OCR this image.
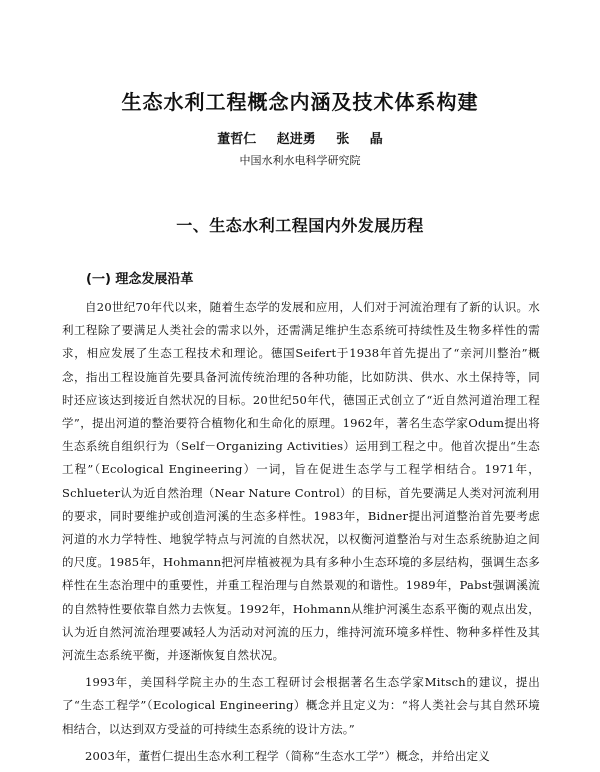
生态水利工程概念内涵及技术体系构建
董哲仁 赵进勇 张 晶
中国水利水电科学研究院
一、生态水利工程国内外发展历程
(一) 理念发展沿革

自20世纪70年代以来，随着生态学的发展和应用，人们对于河流治理有了新的认识。水利工程除了要满足人类社会的需求以外，还需满足维护生态系统可持续性及生物多样性的需求，相应发展了生态工程技术和理论。德国Seifert于1938年首先提出了“亲河川整治”概念，指出工程设施首先要具备河流传统治理的各种功能，比如防洪、供水、水土保持等，同时还应该达到接近自然状况的目标。20世纪50年代，德国正式创立了“近自然河道治理工程学”，提出河道的整治要符合植物化和生命化的原理。1962年，著名生态学家Odum提出将生态系统自组织行为（Self－Organizing Activities）运用到工程之中。他首次提出“生态工程”（Ecological Engineering）一词，旨在促进生态学与工程学相结合。1971年，Schlueter认为近自然治理（Near Nature Control）的目标，首先要满足人类对河流利用的要求，同时要维护或创造河溪的生态多样性。1983年，Bidner提出河道整治首先要考虑河道的水力学特性、地貌学特点与河流的自然状况，以权衡河道整治与对生态系统胁迫之间的尺度。1985年，Hohmann把河岸植被视为具有多种小生态环境的多层结构，强调生态多样性在生态治理中的重要性，并重工程治理与自然景观的和谐性。1989年，Pabst强调溪流的自然特性要依靠自然力去恢复。1992年，Hohmann从维护河溪生态系平衡的观点出发，认为近自然河流治理要减轻人为活动对河流的压力，维持河流环境多样性、物种多样性及其河流生态系统平衡，并逐渐恢复自然状况。

1993年，美国科学院主办的生态工程研讨会根据著名生态学家Mitsch的建议，提出了“生态工程学”（Ecological Engineering）概念并且定义为：“将人类社会与其自然环境相结合，以达到双方受益的可持续生态系统的设计方法。”

2003年，董哲仁提出生态水利工程学（简称“生态水工学”）概念，并给出定义
